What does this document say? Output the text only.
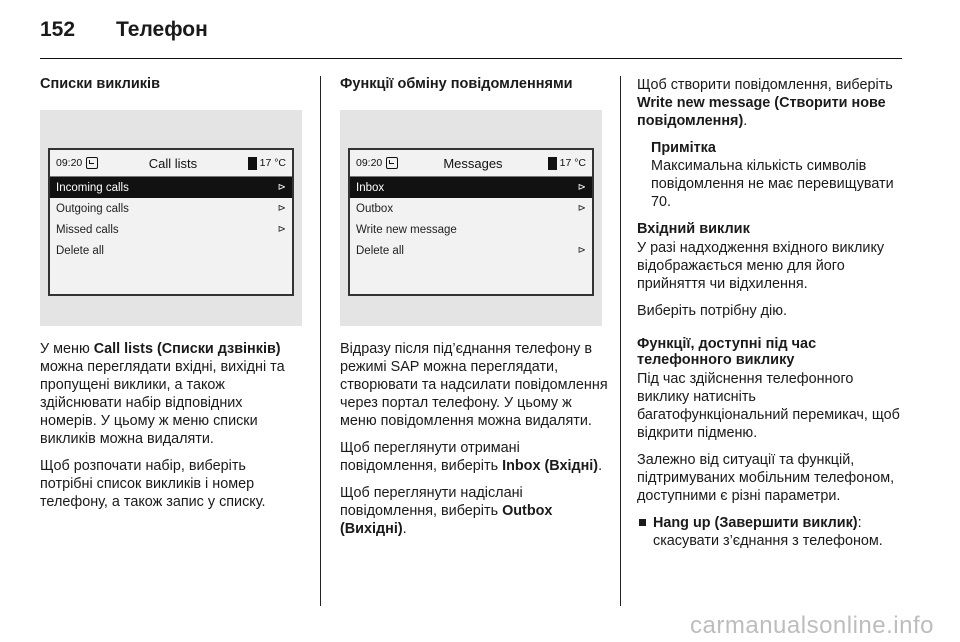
152	Телефон
Списки викликів
09:20	Call lists	17 °C
Incoming calls	⊳
Outgoing calls	⊳
Missed calls	⊳
Delete all

У меню Call lists (Списки дзвінків) можна переглядати вхідні, вихідні та пропущені виклики, а також здійснювати набір відповідних номерів. У цьому ж меню списки викликів можна видаляти.

Щоб розпочати набір, виберіть потрібні список викликів і номер телефону, а також запис у списку.

Функції обміну повідомленнями
09:20	Messages	17 °C
Inbox	⊳
Outbox	⊳
Write new message
Delete all	⊳

Відразу після під’єднання телефону в режимі SAP можна переглядати, створювати та надсилати повідомлення через портал телефону. У цьому ж меню повідомлення можна видаляти.

Щоб переглянути отримані повідомлення, виберіть Inbox (Вхідні).

Щоб переглянути надіслані повідомлення, виберіть Outbox (Вихідні).

Щоб створити повідомлення, виберіть Write new message (Створити нове повідомлення).

Примітка

Максимальна кількість символів повідомлення не має перевищувати 70.

Вхідний виклик

У разі надходження вхідного виклику відображається меню для його прийняття чи відхилення.

Виберіть потрібну дію.

Функції, доступні під час телефонного виклику

Під час здійснення телефонного виклику натисніть багатофункціональний перемикач, щоб відкрити підменю.

Залежно від ситуації та функцій, підтримуваних мобільним телефоном, доступними є різні параметри.

Hang up (Завершити виклик): скасувати з’єднання з телефоном.
carmanualsonline.info
